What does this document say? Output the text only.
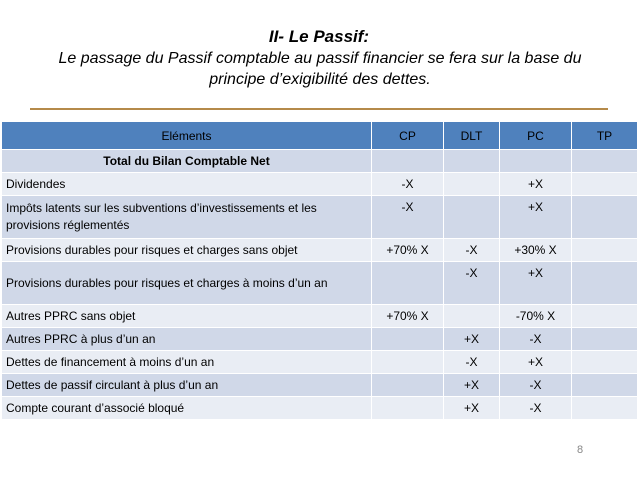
II- Le Passif:

Le passage du Passif comptable au passif financier se fera sur la base du principe d’exigibilité des dettes.

Eléments	CP	DLT	PC	TP
Total du Bilan Comptable Net				
Dividendes	-X		+X	
Impôts latents sur les subventions d’investissements et les provisions réglementés	-X		+X	
Provisions durables pour risques et charges sans objet	+70% X	-X	+30% X	
Provisions durables pour risques et charges à moins d’un an		-X	+X	
Autres PPRC sans objet	+70% X		-70% X	
Autres PPRC à plus d’un an		+X	-X	
Dettes de financement à moins d’un an		-X	+X	
Dettes de passif circulant à plus d’un an		+X	-X	
Compte courant d’associé bloqué		+X	-X	
8
